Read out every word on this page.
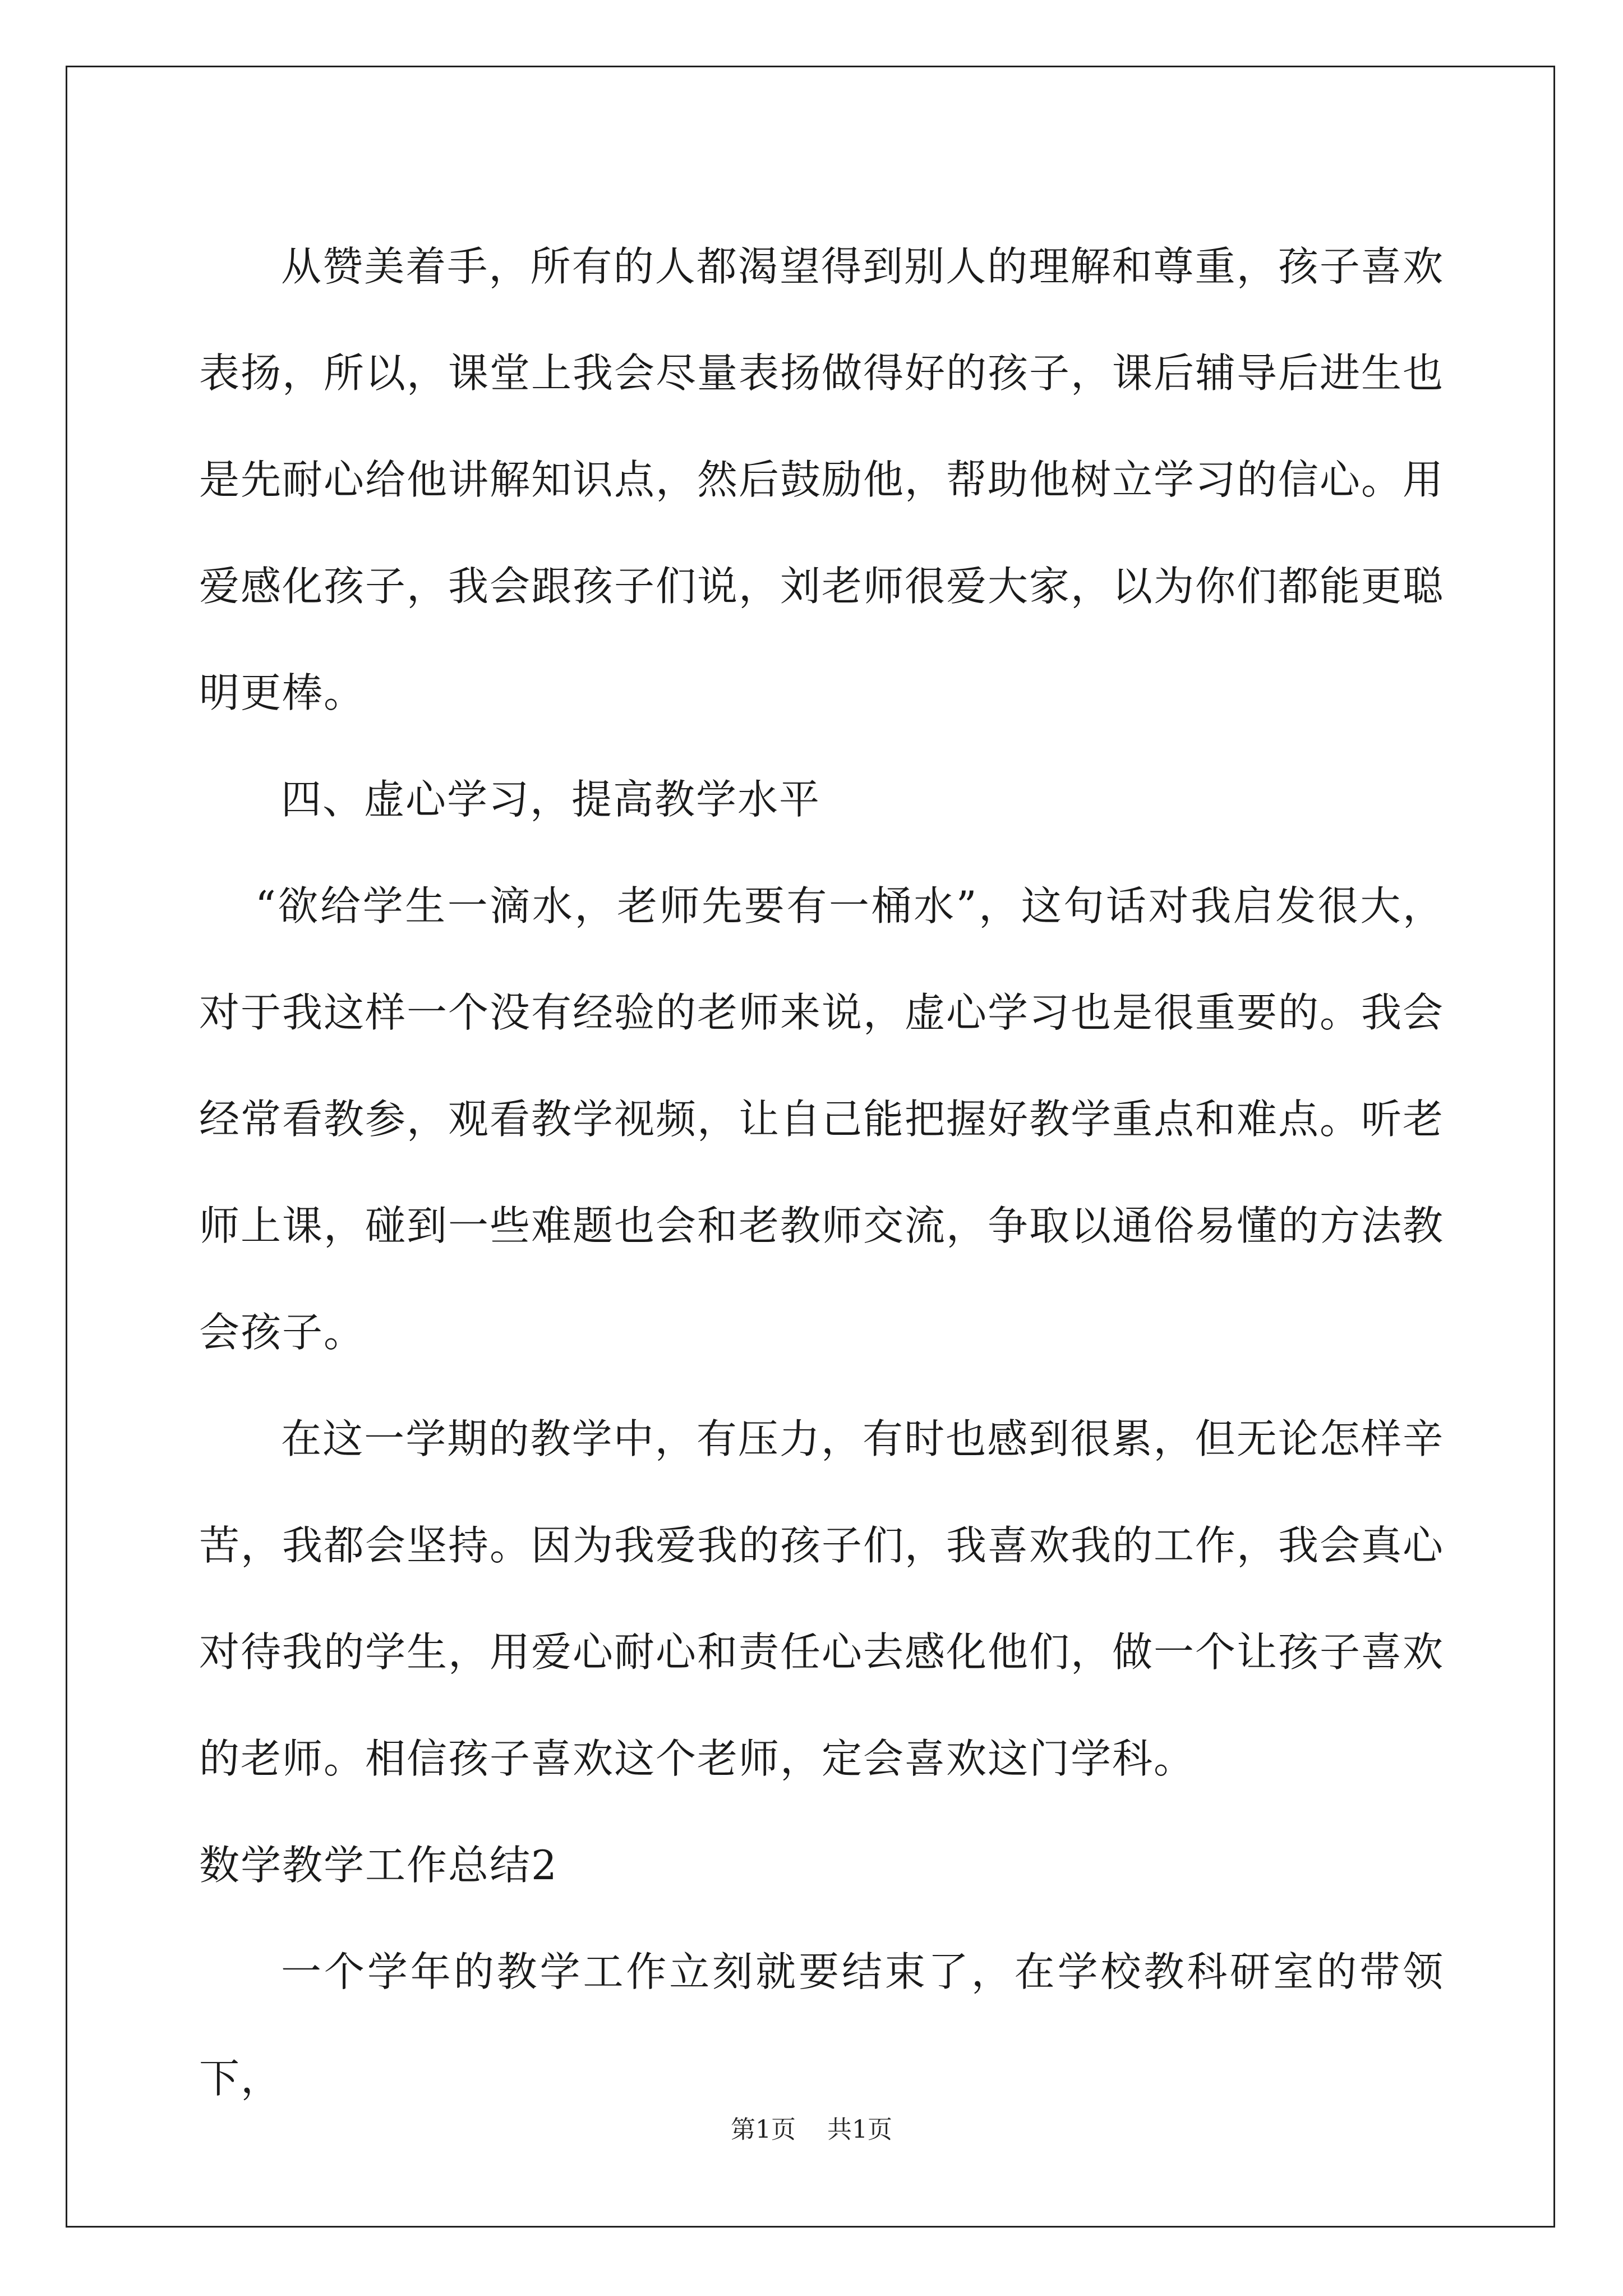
从赞美着手，所有的人都渴望得到别人的理解和尊重，孩子喜欢表扬，所以，课堂上我会尽量表扬做得好的孩子，课后辅导后进生也是先耐心给他讲解知识点，然后鼓励他，帮助他树立学习的信心。用爱感化孩子，我会跟孩子们说，刘老师很爱大家，以为你们都能更聪明更棒。

四、虚心学习，提高教学水平

“欲给学生一滴水，老师先要有一桶水”，这句话对我启发很大，对于我这样一个没有经验的老师来说，虚心学习也是很重要的。我会经常看教参，观看教学视频，让自己能把握好教学重点和难点。听老师上课，碰到一些难题也会和老教师交流，争取以通俗易懂的方法教会孩子。

在这一学期的教学中，有压力，有时也感到很累，但无论怎样辛苦，我都会坚持。因为我爱我的孩子们，我喜欢我的工作，我会真心对待我的学生，用爱心耐心和责任心去感化他们，做一个让孩子喜欢的老师。相信孩子喜欢这个老师，定会喜欢这门学科。

数学教学工作总结2

一个学年的教学工作立刻就要结束了，在学校教科研室的带领下，

第1页 共1页
